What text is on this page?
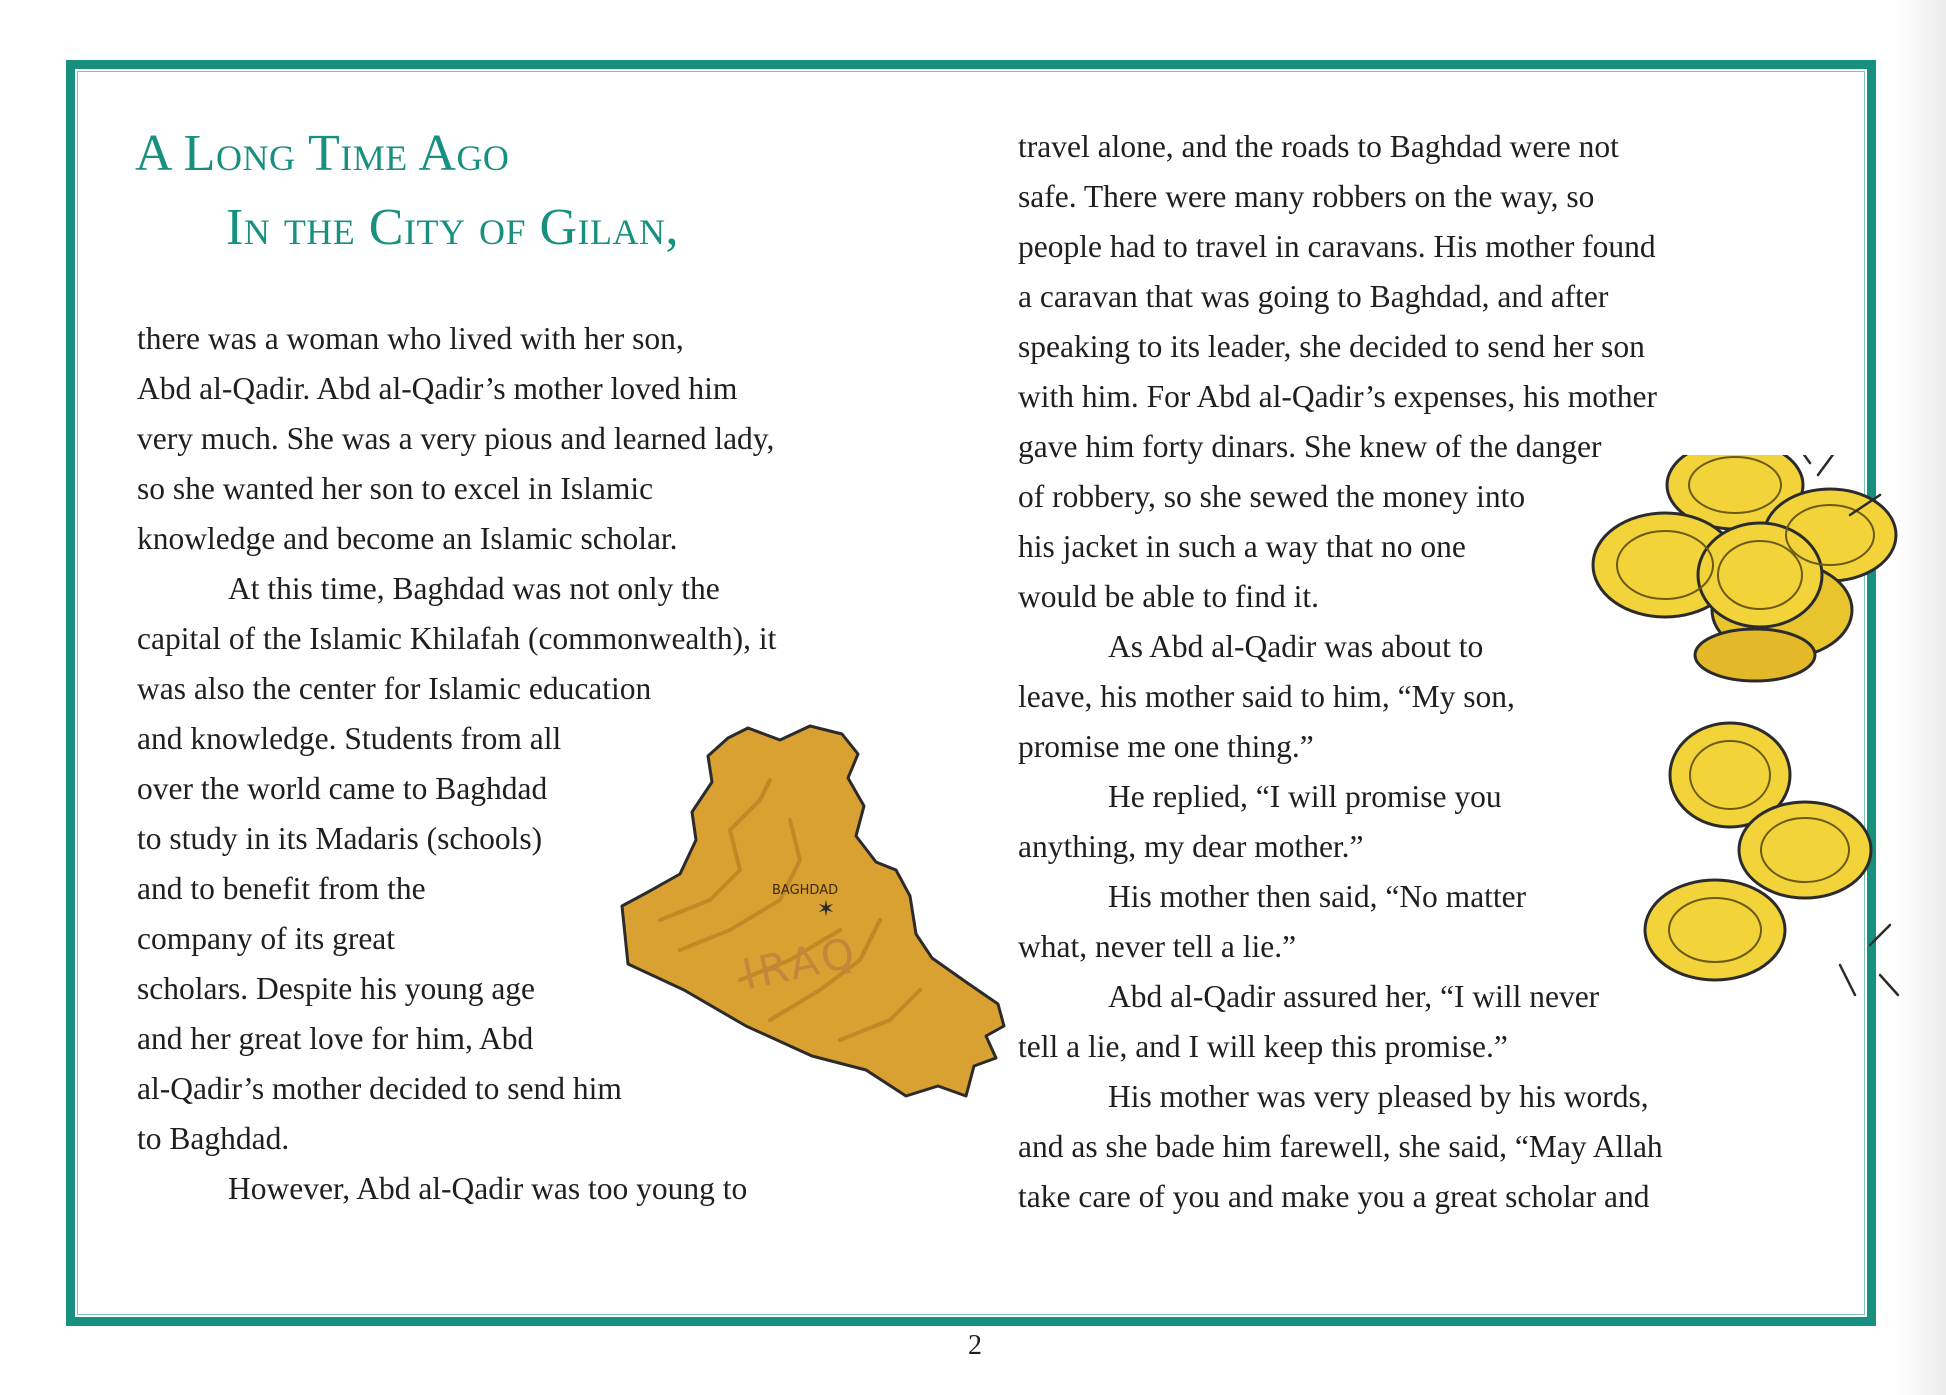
A Long Time Ago
In the City of Gilan,

there was a woman who lived with her son,

Abd al-Qadir. Abd al-Qadir’s mother loved him

very much. She was a very pious and learned lady,

so she wanted her son to excel in Islamic

knowledge and become an Islamic scholar.

At this time, Baghdad was not only the

capital of the Islamic Khilafah (commonwealth), it

was also the center for Islamic education

and knowledge. Students from all

over the world came to Baghdad

to study in its Madaris (schools)

and to benefit from the

company of its great

scholars. Despite his young age

and her great love for him, Abd

al-Qadir’s mother decided to send him

to Baghdad.

However, Abd al-Qadir was too young to

travel alone, and the roads to Baghdad were not

safe. There were many robbers on the way, so

people had to travel in caravans. His mother found

a caravan that was going to Baghdad, and after

speaking to its leader, she decided to send her son

with him. For Abd al-Qadir’s expenses, his mother

gave him forty dinars. She knew of the danger

of robbery, so she sewed the money into

his jacket in such a way that no one

would be able to find it.

As Abd al-Qadir was about to

leave, his mother said to him, “My son,

promise me one thing.”

He replied, “I will promise you

anything, my dear mother.”

His mother then said, “No matter

what, never tell a lie.”

Abd al-Qadir assured her, “I will never

tell a lie, and I will keep this promise.”

His mother was very pleased by his words,

and as she bade him farewell, she said, “May Allah

take care of you and make you a great scholar and

BAGHDAD
✶
IRAQ
2
